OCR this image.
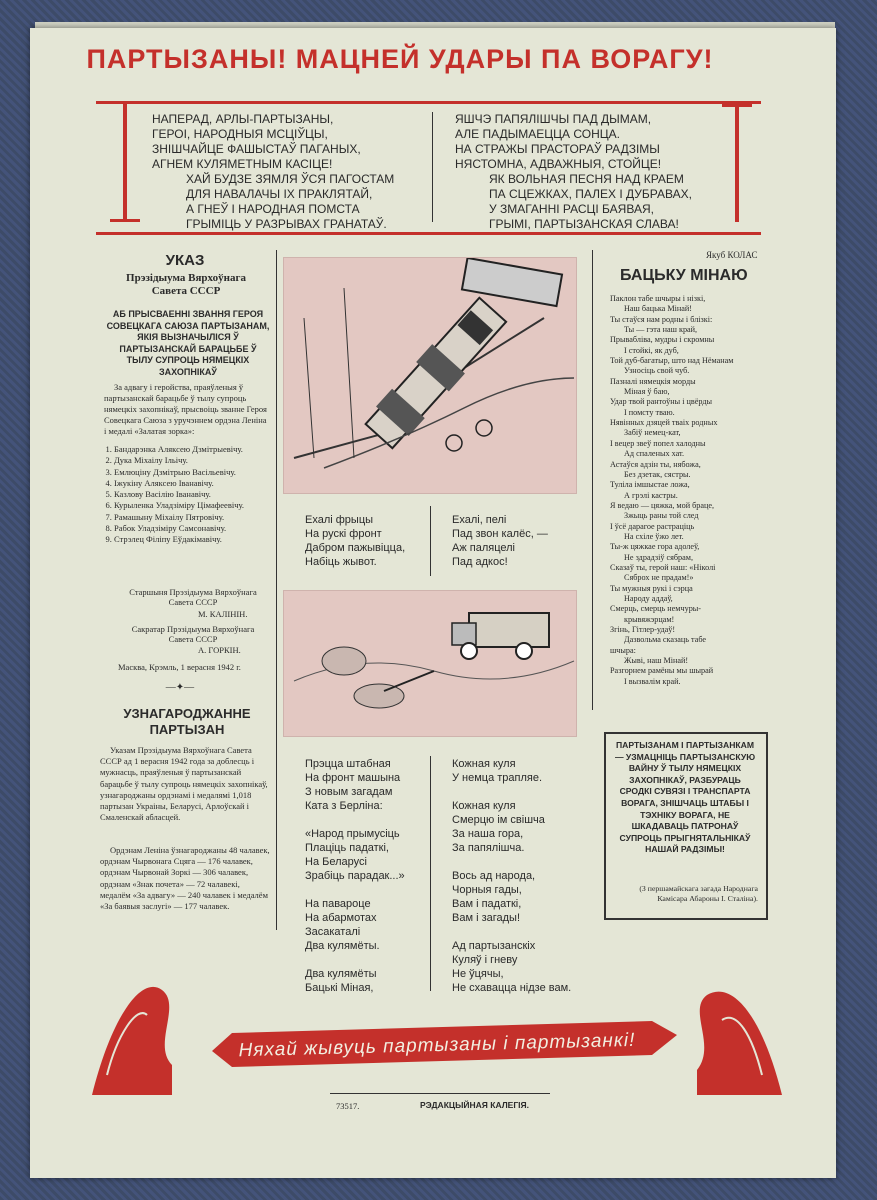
ПАРТЫЗАНЫ! МАЦНЕЙ УДАРЫ ПА ВОРАГУ!
НАПЕРАД, АРЛЫ-ПАРТЫЗАНЫ,
ГЕРОІ, НАРОДНЫЯ МСЦІЎЦЫ,
ЗНІШЧАЙЦЕ ФАШЫСТАЎ ПАГАНЫХ,
АГНЕМ КУЛЯМЕТНЫМ КАСІЦЕ!
ХАЙ БУДЗЕ ЗЯМЛЯ ЎСЯ ПАГОСТАМ
ДЛЯ НАВАЛАЧЫ ІХ ПРАКЛЯТАЙ,
А ГНЕЎ І НАРОДНАЯ ПОМСТА
ГРЫМІЦЬ У РАЗРЫВАХ ГРАНАТАЎ.
ЯШЧЭ ПАПЯЛІШЧЫ ПАД ДЫМАМ,
АЛЕ ПАДЫМАЕЦЦА СОНЦА.
НА СТРАЖЫ ПРАСТОРАЎ РАДЗІМЫ
НЯСТОМНА, АДВАЖНЫЯ, СТОЙЦЕ!
ЯК ВОЛЬНАЯ ПЕСНЯ НАД КРАЕМ
ПА СЦЕЖКАХ, ПАЛЕХ І ДУБРАВАХ,
У ЗМАГАННІ РАСЦІ БАЯВАЯ,
ГРЫМІ, ПАРТЫЗАНСКАЯ СЛАВА!
УКАЗ
Прэзідыума Вярхоўнага Савета СССР
АБ ПРЫСВАЕННІ ЗВАННЯ ГЕРОЯ СОВЕЦКАГА САЮЗА ПАРТЫЗАНАМ, ЯКІЯ ВЫЗНАЧЫЛІСЯ Ў ПАРТЫЗАНСКАЙ БАРАЦЬБЕ Ў ТЫЛУ СУПРОЦЬ НЯМЕЦКІХ ЗАХОПНІКАЎ
За адвагу і геройства, праяўленыя ў партызанскай барацьбе ў тылу супроць нямецкіх захопнікаў, прысвоіць званне Героя Совецкага Саюза з уручэннем ордэна Леніна і медалі «Залатая зорка»:
1. Бандарэнка Аляксею Дзмітрыевічу.
2. Дука Міхаілу Ільічу.
3. Емлюціну Дзмітрыю Васільевічу.
4. Іжукіну Аляксею Іванавічу.
5. Казлову Васілію Іванавічу.
6. Курыленка Уладзіміру Цімафеевічу.
7. Рамашыну Міхаілу Пятровічу.
8. Рабок Уладзіміру Самсонавічу.
9. Стрэлец Філіпу Еўдакімавічу.
Старшыня Прэзідыума Вярхоўнага Савета СССР
М. КАЛІНІН.
Сакратар Прэзідыума Вярхоўнага Савета СССР
А. ГОРКІН.
Масква, Крэмль, 1 верасня 1942 г.
—✦—
УЗНАГАРОДЖАННЕ ПАРТЫЗАН
Указам Прэзідыума Вярхоўнага Савета СССР ад 1 верасня 1942 года за доблесць і мужнасць, праяўленыя ў партызанскай барацьбе ў тылу супроць нямецкіх захопнікаў, узнагароджаны ордэнамі і медалямі 1,018 партызан Украіны, Беларусі, Арлоўскай і Смаленскай абласцей.
Ордэнам Леніна ўзнагароджаны 48 чалавек, ордэнам Чырвонага Сцяга — 176 чалавек, ордэнам Чырвонай Зоркі — 306 чалавек, ордэнам «Знак почета» — 72 чалавекі, медалём «За адвагу» — 240 чалавек і медалём «За баявыя заслугі» — 177 чалавек.
Ехалі фрыцы
На рускі фронт
Дабром пажывіцца,
Набіць жывот.
Ехалі, пелі
Пад звон калёс, —
Аж паляцелі
Пад адкос!
Прэцца штабная
На фронт машына
З новым загадам
Ката з Берліна:

«Народ прымусіць
Плаціць падаткі,
На Беларусі
Зрабіць парадак...»

На павароце
На абармотах
Засакаталі
Два кулямёты.

Два кулямёты
Бацькі Міная,
Кожная куля
У немца трапляе.

Кожная куля
Смерцю ім свішча
За наша гора,
За папялішча.

Вось ад народа,
Чорныя гады,
Вам і падаткі,
Вам і загады!

Ад партызанскіх
Куляў і гневу
Не ўцячы,
Не схавацца нідзе вам.
Якуб КОЛАС
БАЦЬКУ МІНАЮ
Паклон табе шчыры і нізкі,
Наш бацька Мінай!
Ты стаўся нам родны і блізкі:
Ты — гэта наш край,
Прывабліва, мудры і скромны
І стойкі, як дуб,
Той дуб-багатыр, што над Нёманам
Узносіць свой чуб.
Пазналі нямецкія морды
Міная ў баю,
Удар твой рантоўны і цвёрды
І помсту тваю.
Нявінных дзяцей тваіх родных
Забіў немец-кат,
І вецер звеў попел халодны
Ад спаленых хат.
Астаўся адзін ты, нябожа,
Без дзетак, сястры.
Тулiла імшыстае ложа,
А грэлі кастры.
Я ведаю — цяжка, мой браце,
Зжыць раны той след
І ўсё дарагое растраціць
На схіле ўжо лет.
Ты-ж цяжкае гора адолеў,
Не здрадзіў сябрам,
Сказаў ты, герой наш: «Ніколі
Сяброх не прадам!»
Ты мужныя рукі і сэрца
Народу аддаў,
Смерць, смерць немчуры-
крывяжэрцам!
Згінь, Гітлер-удаў!
Дазвольма сказаць табе
шчыра:
Жыві, наш Мінай!
Разгорнем рамёны мы шырай
І вызвалім край.
ПАРТЫЗАНАМ І ПАРТЫЗАНКАМ — УЗМАЦНІЦЬ ПАРТЫЗАНСКУЮ ВАЙНУ Ў ТЫЛУ НЯМЕЦКІХ ЗАХОПНІКАЎ, РАЗБУРАЦЬ СРОДКІ СУВЯЗІ І ТРАНСПАРТА ВОРАГА, ЗНІШЧАЦЬ ШТАБЫ І ТЭХНІКУ ВОРАГА, НЕ ШКАДАВАЦЬ ПАТРОНАЎ СУПРОЦЬ ПРЫГНЯТАЛЬНІКАЎ НАШАЙ РАДЗІМЫ!
(З першамайскага загада Народнага Камісара Абароны І. Сталіна).
Няхай жывуць партызаны і партызанкі!
73517.	РЭДАКЦЫЙНАЯ КАЛЕГІЯ.
